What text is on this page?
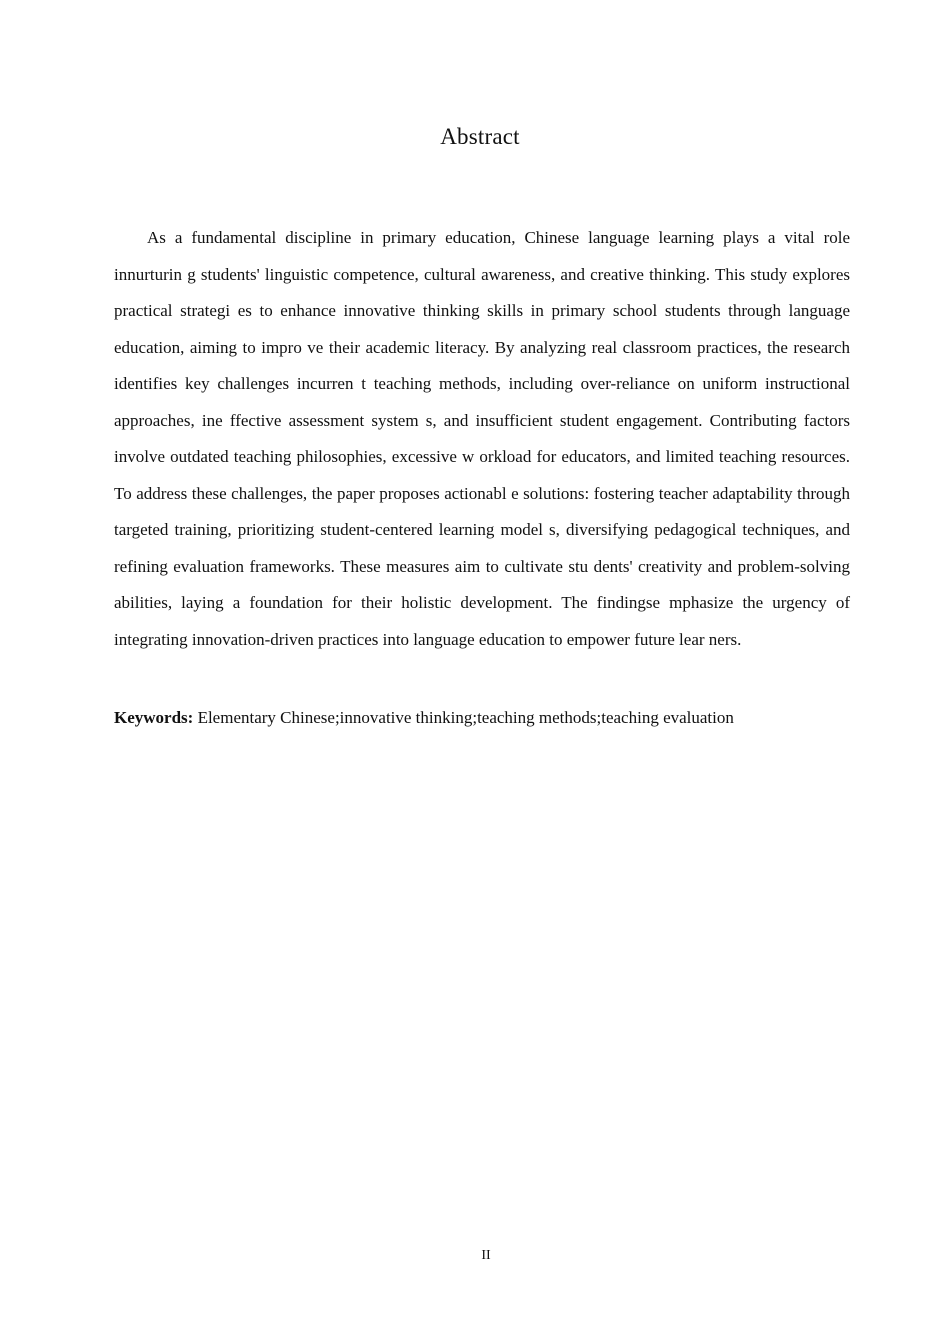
Abstract

As a fundamental discipline in primary education, Chinese language learning plays a vital role innurturin g students' linguistic competence, cultural awareness, and creative thinking. This study explores practical strategi es to enhance innovative thinking skills in primary school students through language education, aiming to impro ve their academic literacy. By analyzing real classroom practices, the research identifies key challenges incurren t teaching methods, including over-reliance on uniform instructional approaches, ine ffective assessment system s, and insufficient student engagement. Contributing factors involve outdated teaching philosophies, excessive w orkload for educators, and limited teaching resources. To address these challenges, the paper proposes actionabl e solutions: fostering teacher adaptability through targeted training, prioritizing student-centered learning model s, diversifying pedagogical techniques, and refining evaluation frameworks. These measures aim to cultivate stu dents' creativity and problem-solving abilities, laying a foundation for their holistic development. The findingse mphasize the urgency of integrating innovation-driven practices into language education to empower future lear ners.

Keywords: Elementary Chinese;innovative thinking;teaching methods;teaching evaluation

II
